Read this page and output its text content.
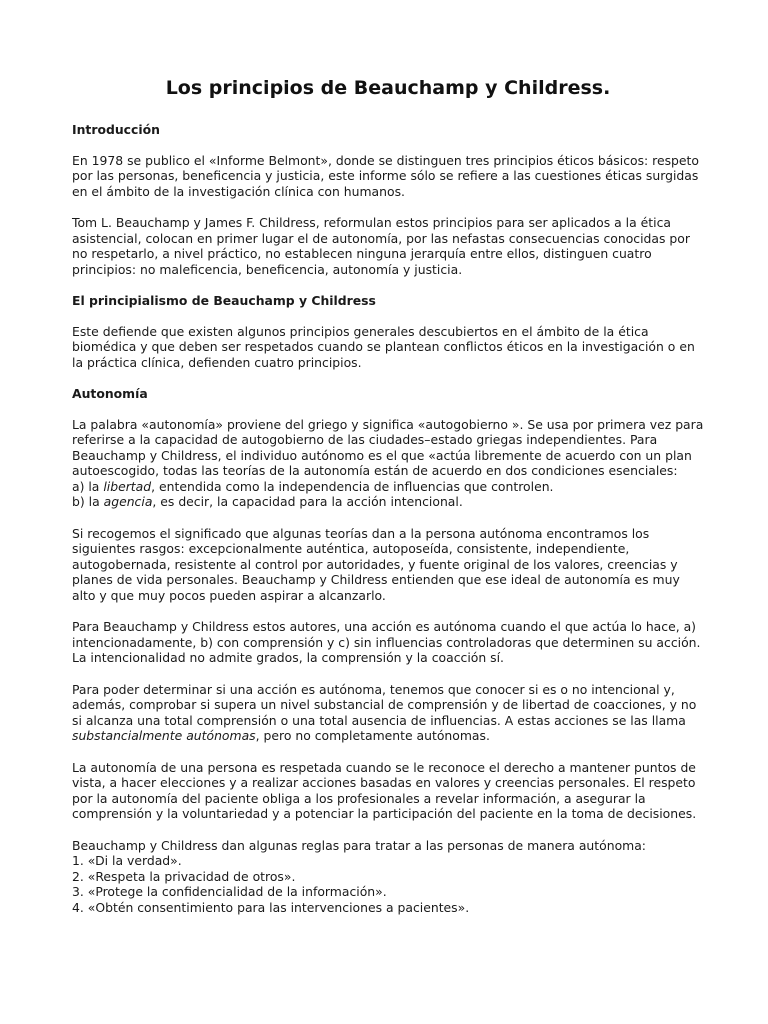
Los principios de Beauchamp y Childress.
Introducción

En 1978 se publico el «Informe Belmont», donde se distinguen tres principios éticos básicos: respeto por las personas, beneficencia y justicia, este informe sólo se refiere a las cuestiones éticas surgidas en el ámbito de la investigación clínica con humanos.

Tom L. Beauchamp y James F. Childress, reformulan estos principios para ser aplicados a la ética asistencial, colocan en primer lugar el de autonomía, por las nefastas consecuencias conocidas por no respetarlo, a nivel práctico, no establecen ninguna jerarquía entre ellos, distinguen cuatro principios: no maleficencia, beneficencia, autonomía y justicia.

El principialismo de Beauchamp y Childress

Este defiende que existen algunos principios generales descubiertos en el ámbito de la ética biomédica y que deben ser respetados cuando se plantean conflictos éticos en la investigación o en la práctica clínica, defienden cuatro principios.

Autonomía

La palabra «autonomía» proviene del griego y significa «autogobierno ». Se usa por primera vez para referirse a la capacidad de autogobierno de las ciudades–estado griegas independientes. Para Beauchamp y Childress, el individuo autónomo es el que «actúa libremente de acuerdo con un plan autoescogido, todas las teorías de la autonomía están de acuerdo en dos condiciones esenciales:
a) la libertad, entendida como la independencia de influencias que controlen.
b) la agencia, es decir, la capacidad para la acción intencional.

Si recogemos el significado que algunas teorías dan a la persona autónoma encontramos los siguientes rasgos: excepcionalmente auténtica, autoposeída, consistente, independiente, autogobernada, resistente al control por autoridades, y fuente original de los valores, creencias y planes de vida personales. Beauchamp y Childress entienden que ese ideal de autonomía es muy alto y que muy pocos pueden aspirar a alcanzarlo.

Para Beauchamp y Childress estos autores, una acción es autónoma cuando el que actúa lo hace, a) intencionadamente, b) con comprensión y c) sin influencias controladoras que determinen su acción. La intencionalidad no admite grados, la comprensión y la coacción sí.

Para poder determinar si una acción es autónoma, tenemos que conocer si es o no intencional y, además, comprobar si supera un nivel substancial de comprensión y de libertad de coacciones, y no si alcanza una total comprensión o una total ausencia de influencias. A estas acciones se las llama substancialmente autónomas, pero no completamente autónomas.

La autonomía de una persona es respetada cuando se le reconoce el derecho a mantener puntos de vista, a hacer elecciones y a realizar acciones basadas en valores y creencias personales. El respeto por la autonomía del paciente obliga a los profesionales a revelar información, a asegurar la comprensión y la voluntariedad y a potenciar la participación del paciente en la toma de decisiones.

Beauchamp y Childress dan algunas reglas para tratar a las personas de manera autónoma:

1. «Di la verdad».
2. «Respeta la privacidad de otros».
3. «Protege la confidencialidad de la información».
4. «Obtén consentimiento para las intervenciones a pacientes».
